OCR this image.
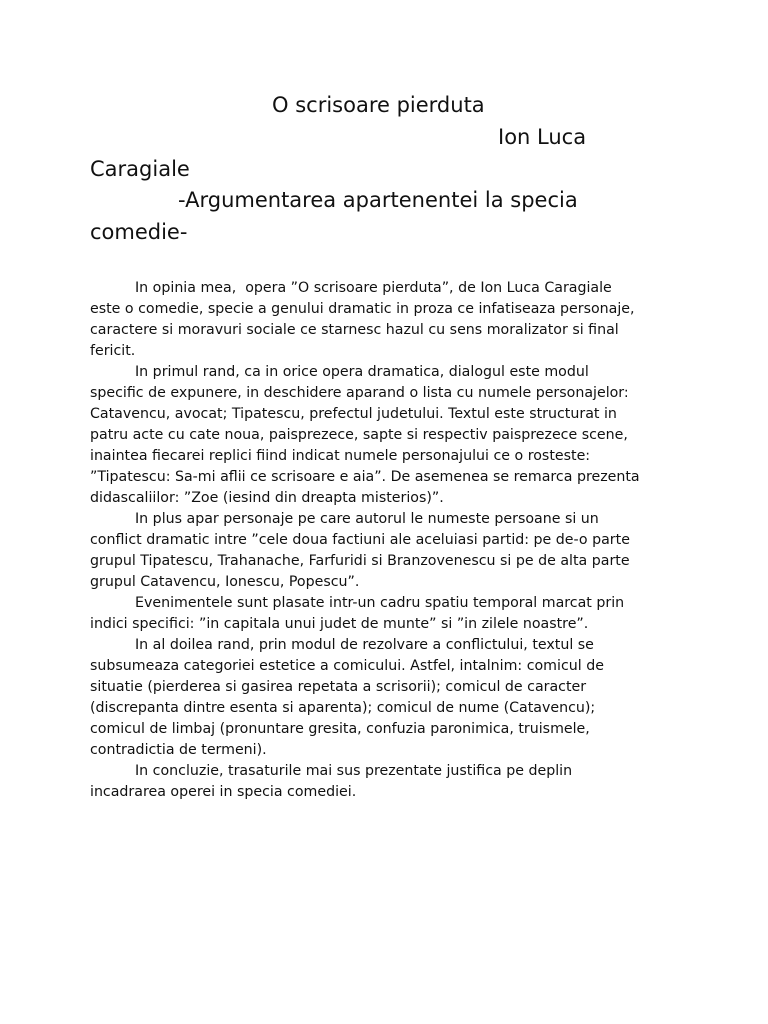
O scrisoare pierduta
Ion Luca
Caragiale
-Argumentarea apartenentei la specia
comedie-
In opinia mea,  opera ”O scrisoare pierduta”, de Ion Luca Caragiale
este o comedie, specie a genului dramatic in proza ce infatiseaza personaje,
caractere si moravuri sociale ce starnesc hazul cu sens moralizator si final
fericit.
In primul rand, ca in orice opera dramatica, dialogul este modul
specific de expunere, in deschidere aparand o lista cu numele personajelor:
Catavencu, avocat; Tipatescu, prefectul judetului. Textul este structurat in
patru acte cu cate noua, paisprezece, sapte si respectiv paisprezece scene,
inaintea fiecarei replici fiind indicat numele personajului ce o rosteste:
”Tipatescu: Sa-mi aflii ce scrisoare e aia”. De asemenea se remarca prezenta
didascaliilor: ”Zoe (iesind din dreapta misterios)”.
In plus apar personaje pe care autorul le numeste persoane si un
conflict dramatic intre ”cele doua factiuni ale aceluiasi partid: pe de-o parte
grupul Tipatescu, Trahanache, Farfuridi si Branzovenescu si pe de alta parte
grupul Catavencu, Ionescu, Popescu”.
Evenimentele sunt plasate intr-un cadru spatiu temporal marcat prin
indici specifici: ”in capitala unui judet de munte” si ”in zilele noastre”.
In al doilea rand, prin modul de rezolvare a conflictului, textul se
subsumeaza categoriei estetice a comicului. Astfel, intalnim: comicul de
situatie (pierderea si gasirea repetata a scrisorii); comicul de caracter
(discrepanta dintre esenta si aparenta); comicul de nume (Catavencu);
comicul de limbaj (pronuntare gresita, confuzia paronimica, truismele,
contradictia de termeni).
In concluzie, trasaturile mai sus prezentate justifica pe deplin
incadrarea operei in specia comediei.
